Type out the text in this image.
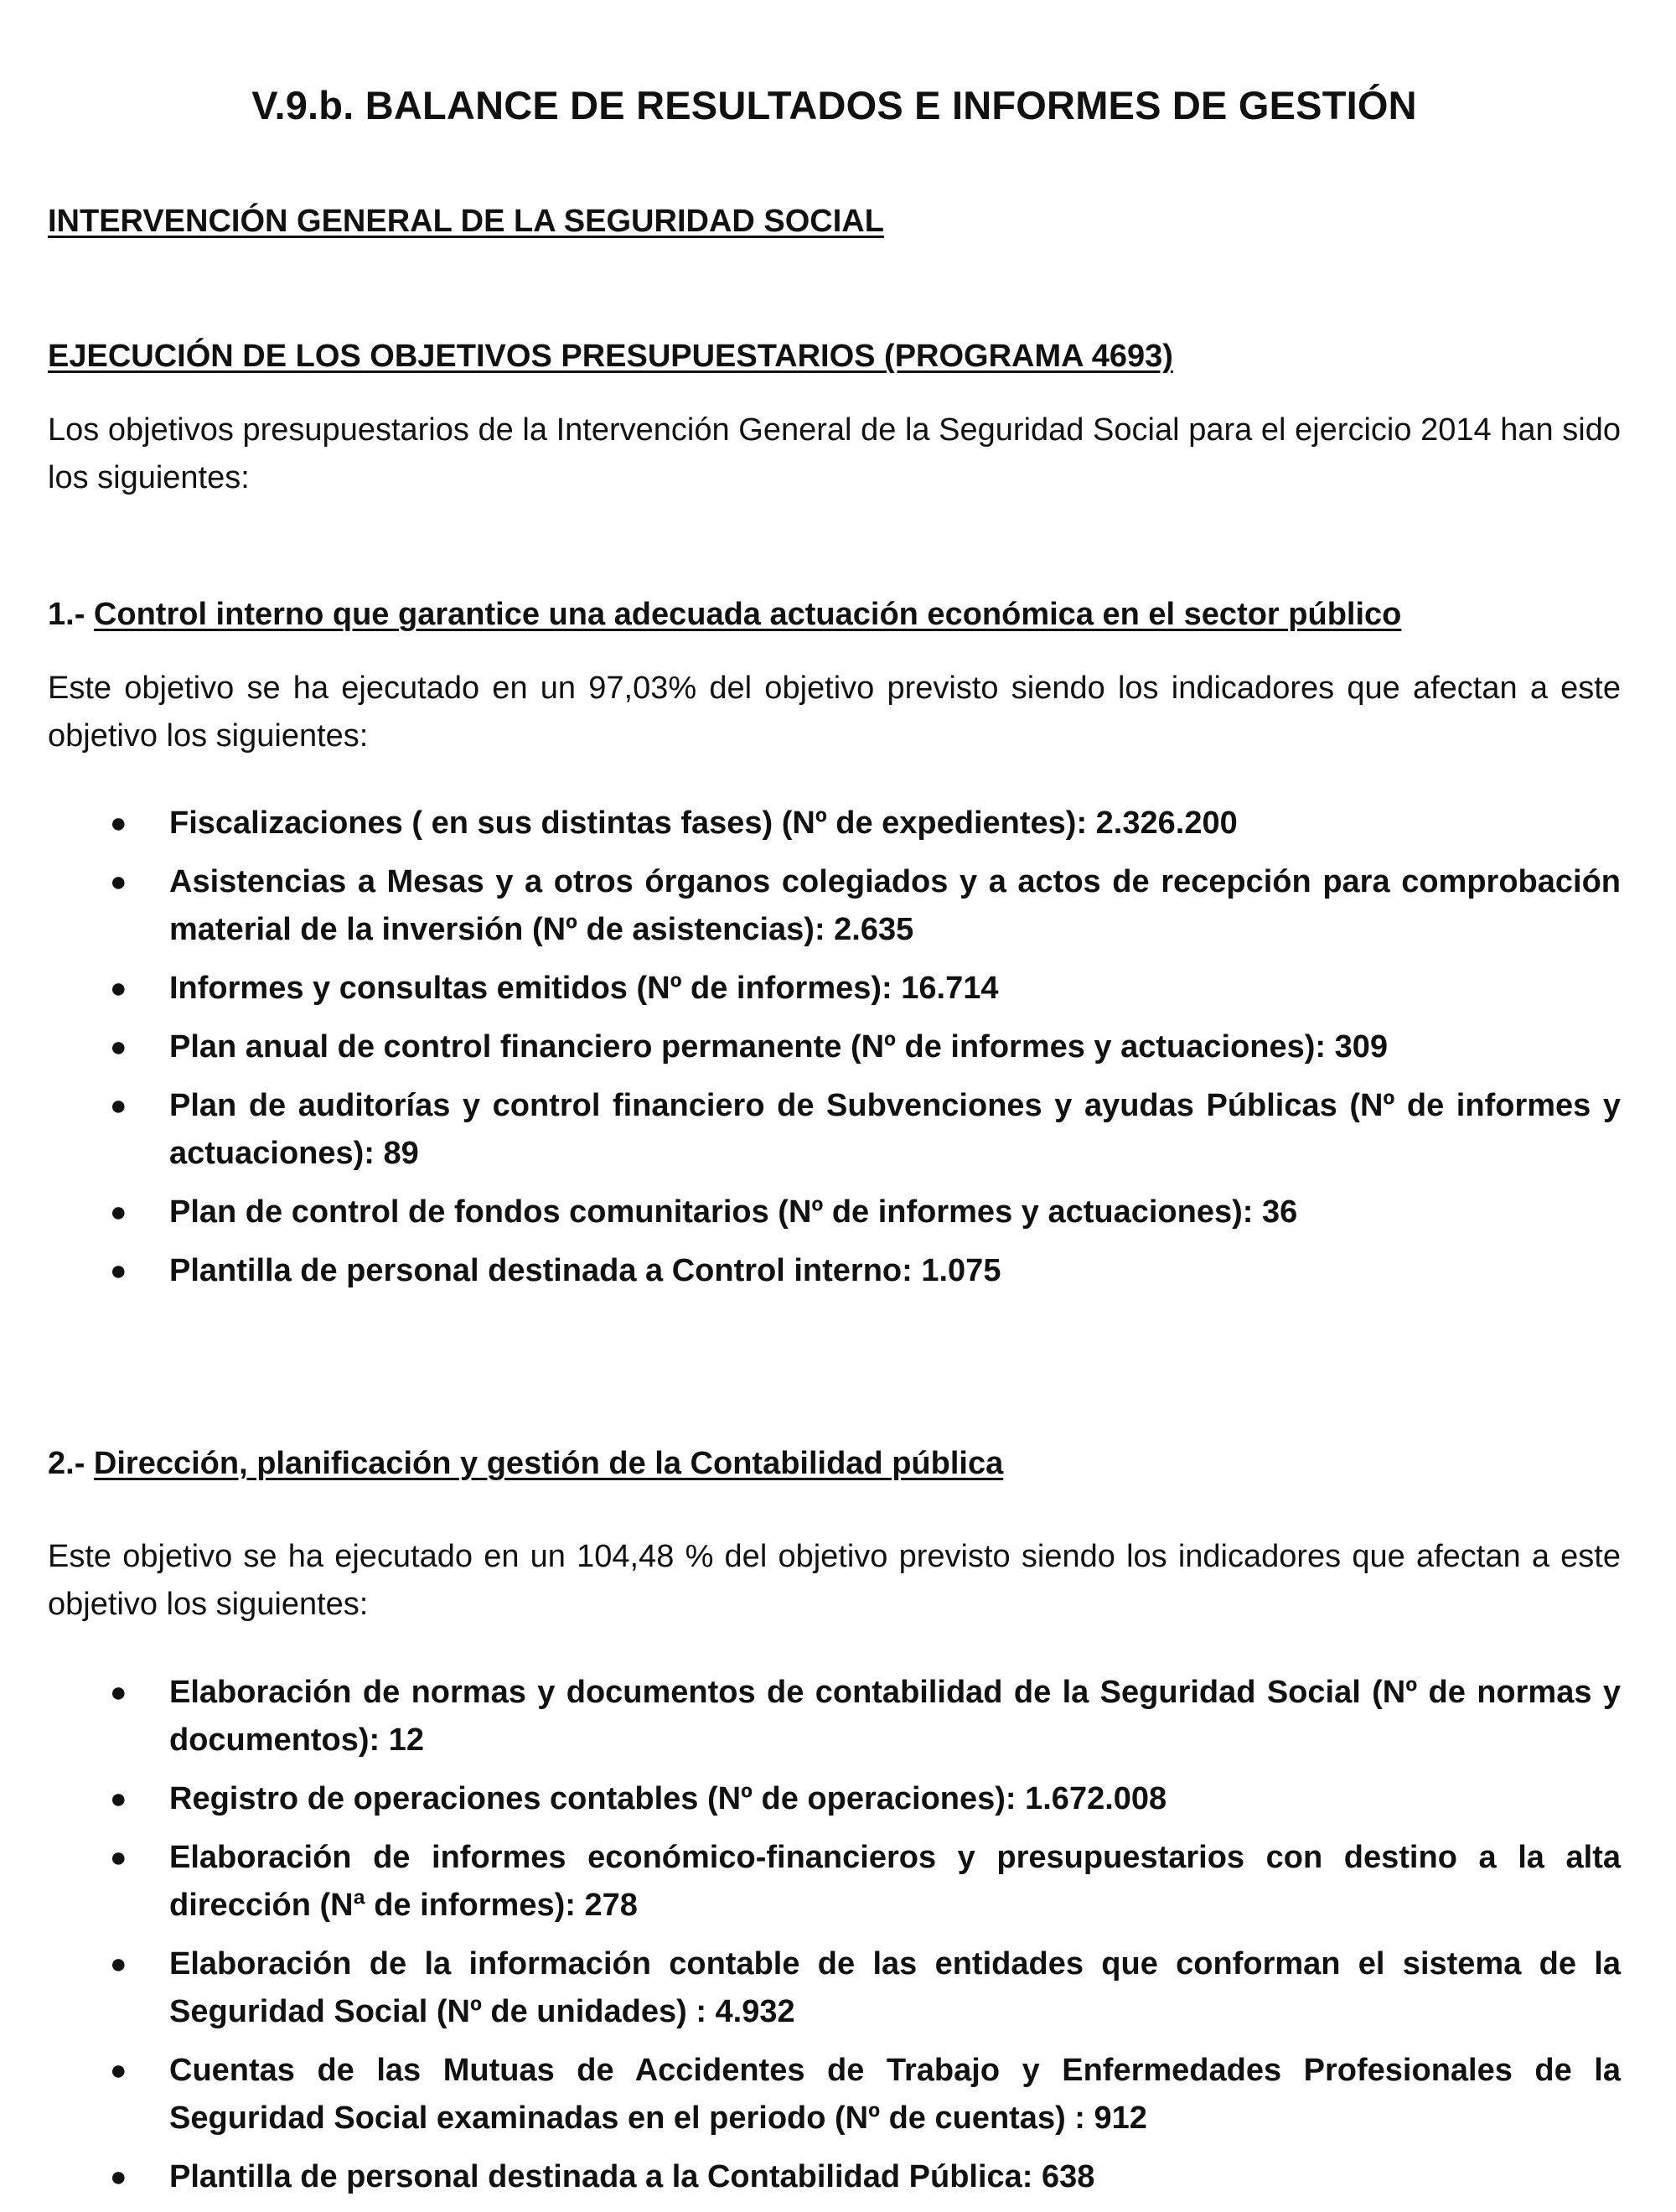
V.9.b. BALANCE DE RESULTADOS E INFORMES DE GESTIÓN
INTERVENCIÓN GENERAL DE LA SEGURIDAD SOCIAL
EJECUCIÓN DE LOS OBJETIVOS PRESUPUESTARIOS (PROGRAMA 4693)

Los objetivos presupuestarios de la Intervención General de la Seguridad Social para el ejercicio 2014 han sido los siguientes:

1.- Control interno que garantice una adecuada actuación económica en el sector público

Este objetivo se ha ejecutado en un 97,03% del objetivo previsto siendo los indicadores que afectan a este objetivo los siguientes:

● Fiscalizaciones ( en sus distintas fases) (Nº de expedientes): 2.326.200
● Asistencias a Mesas y a otros órganos colegiados y a actos de recepción para comprobación material de la inversión (Nº de asistencias): 2.635
● Informes y consultas emitidos (Nº de informes): 16.714
● Plan anual de control financiero permanente (Nº de informes y actuaciones): 309
● Plan de auditorías y control financiero de Subvenciones y ayudas Públicas (Nº de informes y actuaciones): 89
● Plan de control de fondos comunitarios (Nº de informes y actuaciones): 36
● Plantilla de personal destinada a Control interno: 1.075
2.- Dirección, planificación y gestión de la Contabilidad pública

Este objetivo se ha ejecutado en un 104,48 % del objetivo previsto siendo los indicadores que afectan a este objetivo los siguientes:

● Elaboración de normas y documentos de contabilidad de la Seguridad Social (Nº de normas y documentos): 12
● Registro de operaciones contables (Nº de operaciones): 1.672.008
● Elaboración de informes económico-financieros y presupuestarios con destino a la alta dirección (Nª de informes): 278
● Elaboración de la información contable de las entidades que conforman el sistema de la Seguridad Social (Nº de unidades) : 4.932
● Cuentas de las Mutuas de Accidentes de Trabajo y Enfermedades Profesionales de la Seguridad Social examinadas en el periodo (Nº de cuentas) : 912
● Plantilla de personal destinada a la Contabilidad Pública: 638
